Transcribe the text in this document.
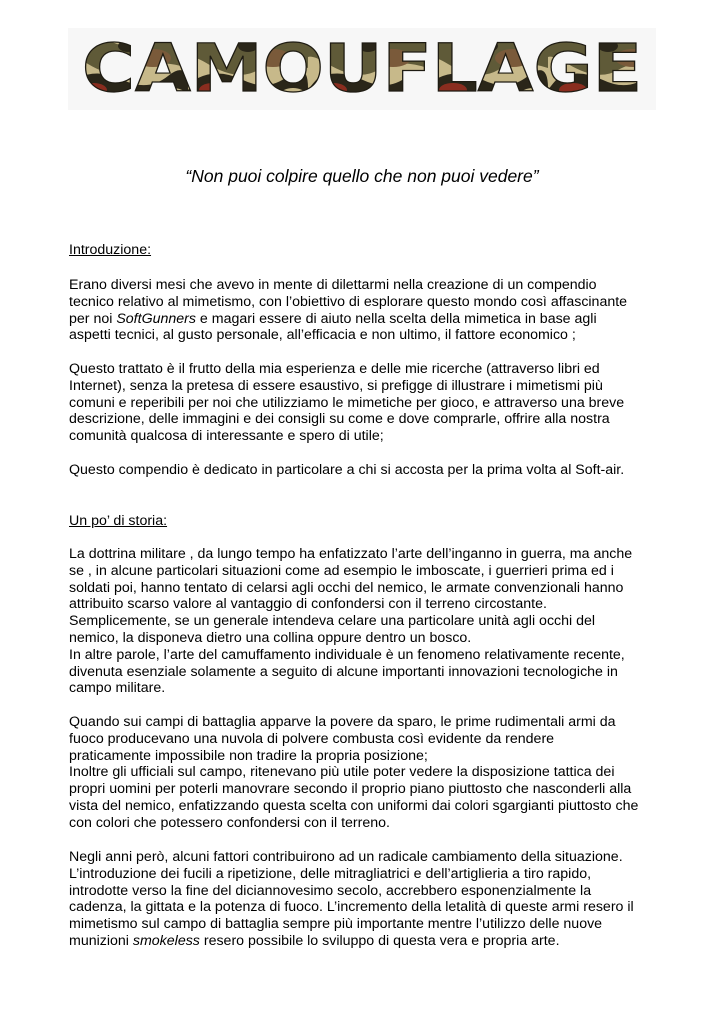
CAMOUFLAGE
“Non puoi colpire quello che non puoi vedere”
Introduzione:
Erano diversi mesi che avevo in mente di dilettarmi nella creazione di un compendio
tecnico relativo al mimetismo, con l’obiettivo di esplorare questo mondo così affascinante
per noi SoftGunners e magari essere di aiuto nella scelta della mimetica in base agli
aspetti tecnici, al gusto personale, all’efficacia e non ultimo, il fattore economico ;
Questo trattato è il frutto della mia esperienza e delle mie ricerche (attraverso libri ed
Internet), senza la pretesa di essere esaustivo, si prefigge di illustrare i mimetismi più
comuni e reperibili per noi che utilizziamo le mimetiche per gioco, e attraverso una breve
descrizione, delle immagini e dei consigli su come e dove comprarle, offrire alla nostra
comunità qualcosa di interessante e spero di utile;
Questo compendio è dedicato in particolare a chi si accosta per la prima volta al Soft-air.
Un po’ di storia:
La dottrina militare , da lungo tempo ha enfatizzato l’arte dell’inganno in guerra, ma anche
se , in alcune particolari situazioni come ad esempio le imboscate, i guerrieri prima ed i
soldati poi, hanno tentato di celarsi agli occhi del nemico, le armate convenzionali hanno
attribuito scarso valore al vantaggio di confondersi con il terreno circostante.
Semplicemente, se un generale intendeva celare una particolare unità agli occhi del
nemico, la disponeva dietro una collina oppure dentro un bosco.
In altre parole, l’arte del camuffamento individuale è un fenomeno relativamente recente,
divenuta esenziale solamente a seguito di alcune importanti innovazioni tecnologiche in
campo militare.
Quando sui campi di battaglia apparve la povere da sparo, le prime rudimentali armi da
fuoco producevano una nuvola di polvere combusta così evidente da rendere
praticamente impossibile non tradire la propria posizione;
Inoltre gli ufficiali sul campo, ritenevano più utile poter vedere la disposizione tattica dei
propri uomini per poterli manovrare secondo il proprio piano piuttosto che nasconderli alla
vista del nemico, enfatizzando questa scelta con uniformi dai colori sgargianti piuttosto che
con colori che potessero confondersi con il terreno.
Negli anni però, alcuni fattori contribuirono ad un radicale cambiamento della situazione.
L’introduzione dei fucili a ripetizione, delle mitragliatrici e dell’artiglieria a tiro rapido,
introdotte verso la fine del diciannovesimo secolo, accrebbero esponenzialmente la
cadenza, la gittata e la potenza di fuoco. L’incremento della letalità di queste armi resero il
mimetismo sul campo di battaglia sempre più importante mentre l’utilizzo delle nuove
munizioni smokeless resero possibile lo sviluppo di questa vera e propria arte.
